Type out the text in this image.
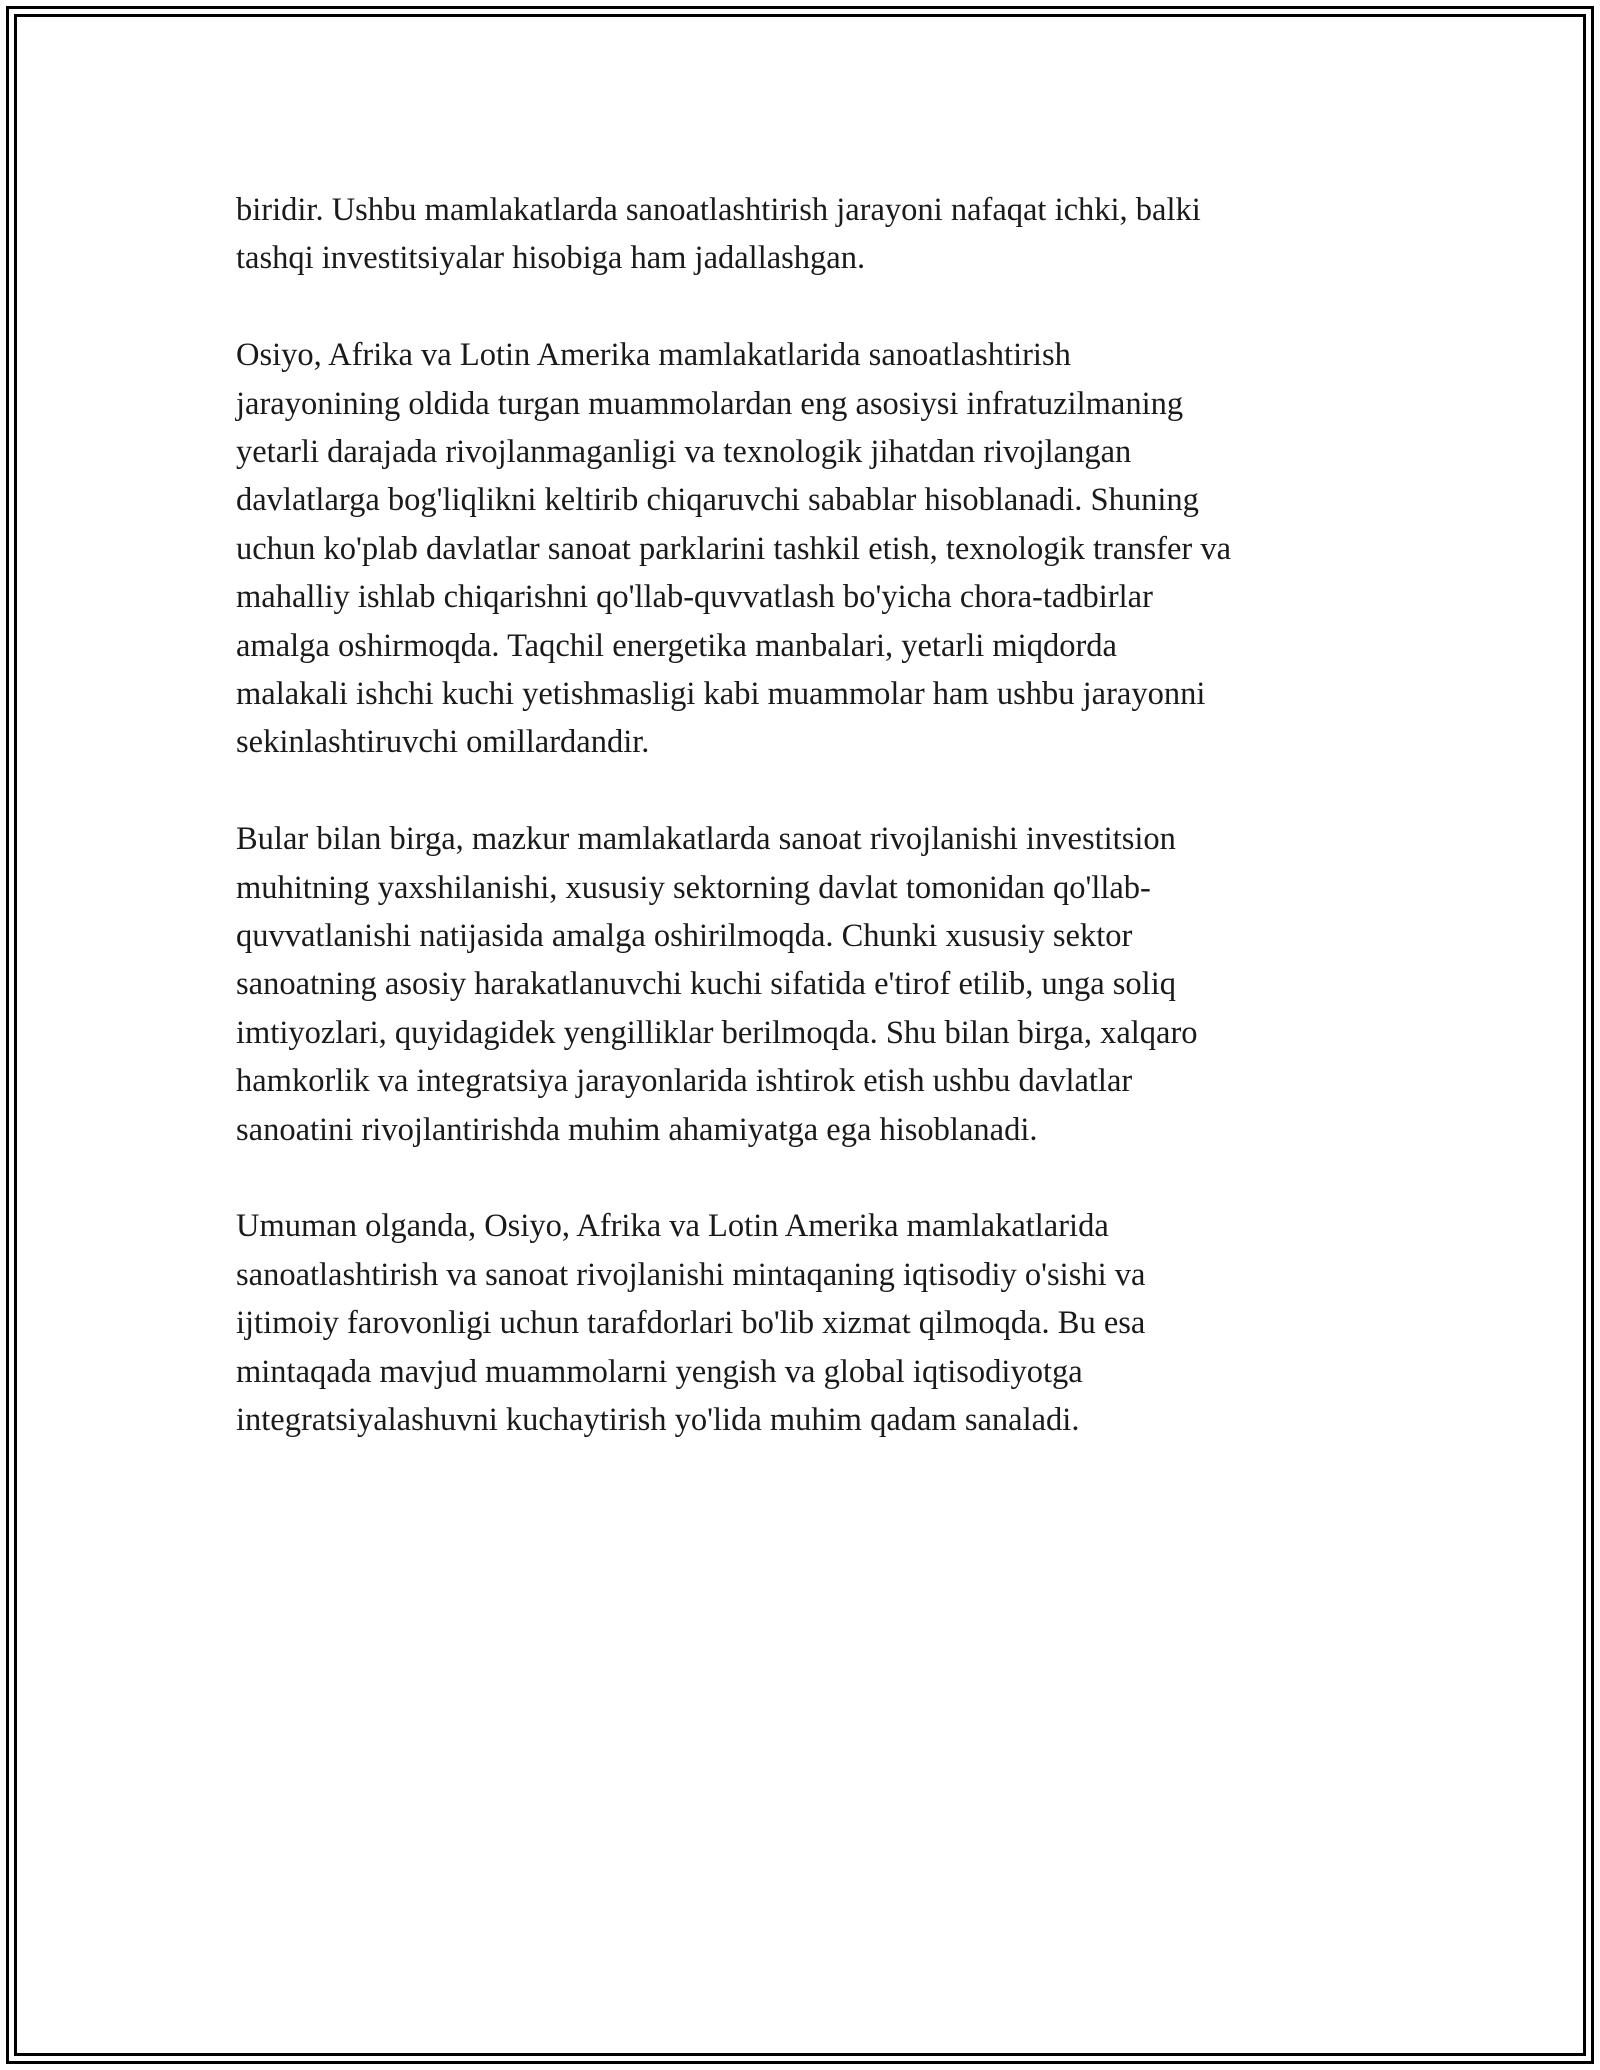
biridir. Ushbu mamlakatlarda sanoatlashtirish jarayoni nafaqat ichki, balki
tashqi investitsiyalar hisobiga ham jadallashgan.

Osiyo, Afrika va Lotin Amerika mamlakatlarida sanoatlashtirish
jarayonining oldida turgan muammolardan eng asosiysi infratuzilmaning
yetarli darajada rivojlanmaganligi va texnologik jihatdan rivojlangan
davlatlarga bog'liqlikni keltirib chiqaruvchi sabablar hisoblanadi. Shuning
uchun ko'plab davlatlar sanoat parklarini tashkil etish, texnologik transfer va
mahalliy ishlab chiqarishni qo'llab-quvvatlash bo'yicha chora-tadbirlar
amalga oshirmoqda. Taqchil energetika manbalari, yetarli miqdorda
malakali ishchi kuchi yetishmasligi kabi muammolar ham ushbu jarayonni
sekinlashtiruvchi omillardandir.

Bular bilan birga, mazkur mamlakatlarda sanoat rivojlanishi investitsion
muhitning yaxshilanishi, xususiy sektorning davlat tomonidan qo'llab-
quvvatlanishi natijasida amalga oshirilmoqda. Chunki xususiy sektor
sanoatning asosiy harakatlanuvchi kuchi sifatida e'tirof etilib, unga soliq
imtiyozlari, quyidagidek yengilliklar berilmoqda. Shu bilan birga, xalqaro
hamkorlik va integratsiya jarayonlarida ishtirok etish ushbu davlatlar
sanoatini rivojlantirishda muhim ahamiyatga ega hisoblanadi.

Umuman olganda, Osiyo, Afrika va Lotin Amerika mamlakatlarida
sanoatlashtirish va sanoat rivojlanishi mintaqaning iqtisodiy o'sishi va
ijtimoiy farovonligi uchun tarafdorlari bo'lib xizmat qilmoqda. Bu esa
mintaqada mavjud muammolarni yengish va global iqtisodiyotga
integratsiyalashuvni kuchaytirish yo'lida muhim qadam sanaladi.
